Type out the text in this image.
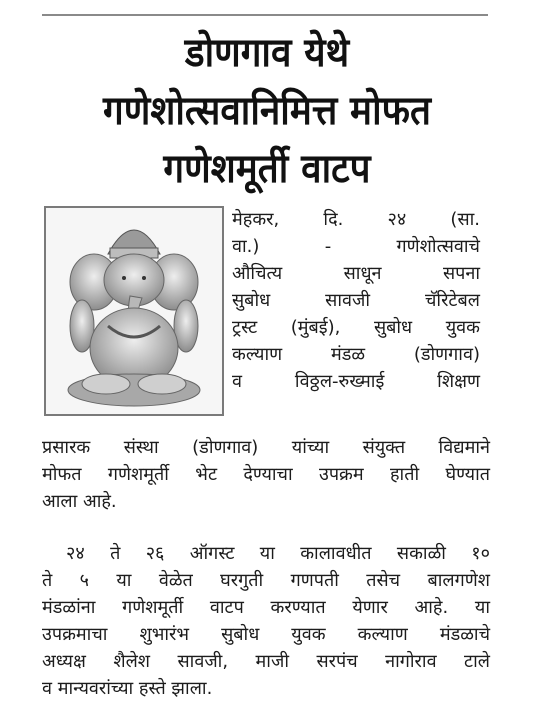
डोणगाव येथे
गणेशोत्सवानिमित्त मोफत
गणेशमूर्ती वाटप
मेहकर, दि. २४ (सा.
वा.) - गणेशोत्सवाचे
औचित्य साधून सपना
सुबोध सावजी चॅरिटेबल
ट्रस्ट (मुंबई), सुबोध युवक
कल्याण मंडळ (डोणगाव)
व विठ्ठल-रुख्माई शिक्षण
प्रसारक संस्था (डोणगाव) यांच्या संयुक्त विद्यमाने
मोफत गणेशमूर्ती भेट देण्याचा उपक्रम हाती घेण्यात
आला आहे.
२४ ते २६ ऑगस्ट या कालावधीत सकाळी १०
ते ५ या वेळेत घरगुती गणपती तसेच बालगणेश
मंडळांना गणेशमूर्ती वाटप करण्यात येणार आहे. या
उपक्रमाचा शुभारंभ सुबोध युवक कल्याण मंडळाचे
अध्यक्ष शैलेश सावजी, माजी सरपंच नागोराव टाले
व मान्यवरांच्या हस्ते झाला.
